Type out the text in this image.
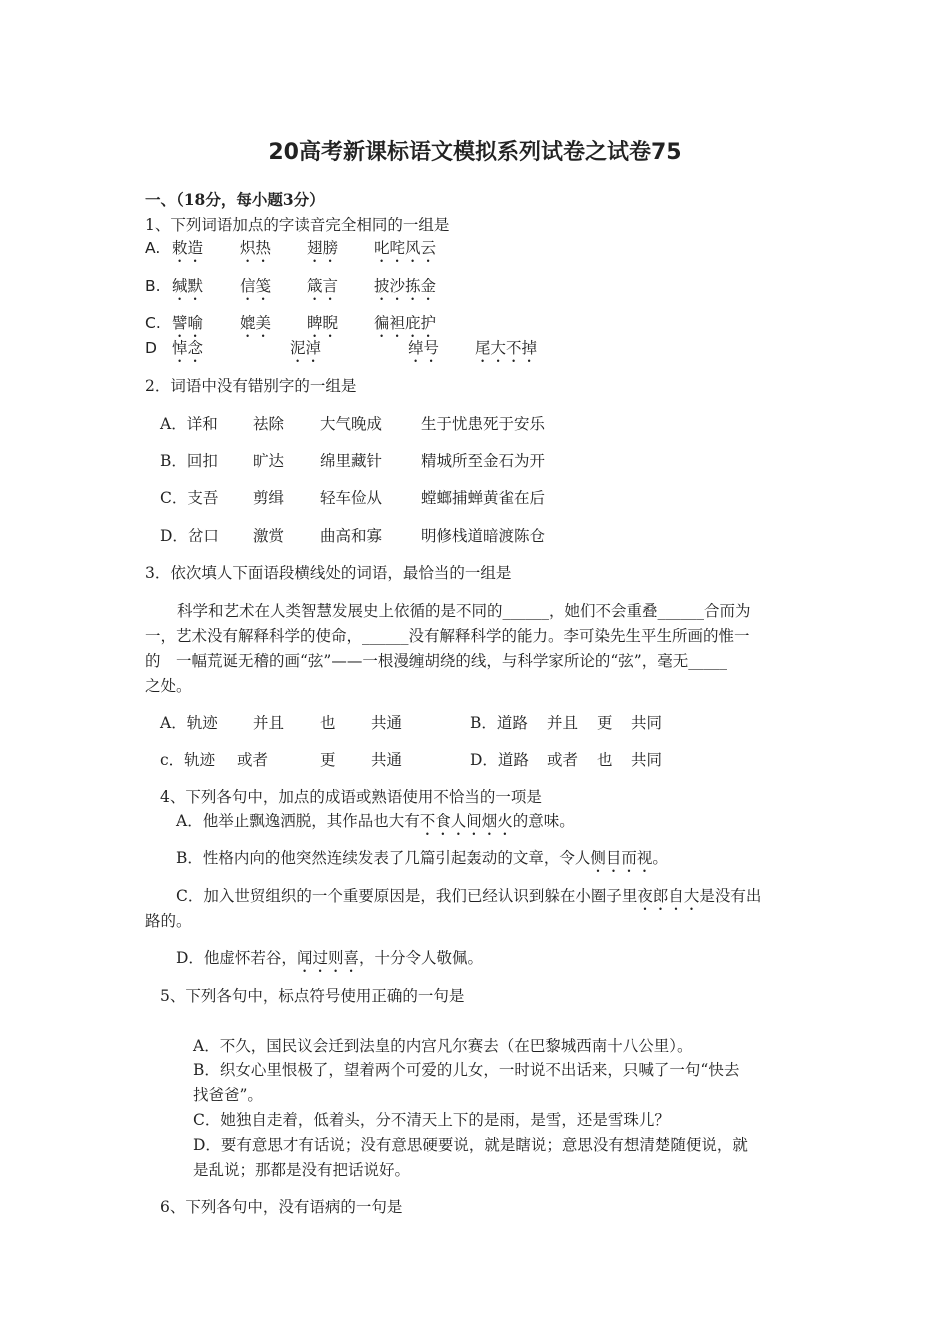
20高考新课标语文模拟系列试卷之试卷75
一、（18分，每小题3分）
1、下列词语加点的字读音完全相同的一组是
A. 敕造 炽热 翅膀 叱咤风云
B. 缄默 信笺 箴言 披沙拣金
C. 譬喻 媲美 睥睨 徧袒庇护
D 悼念	泥淖	绰号 尾大不掉
2．词语中没有错别字的一组是
A．详和 祛除 大气晚成	生于忧患死于安乐
B．回扣 旷达 绵里藏针	精城所至金石为开
C．支吾 剪缉 轻车俭从	螳螂捕蝉黄雀在后
D．岔口 激赏 曲高和寡	明修栈道暗渡陈仓
3．依次填人下面语段横线处的词语，最恰当的一组是
科学和艺术在人类智慧发展史上依循的是不同的______，她们不会重叠______合而为
一，艺术没有解释科学的使命，______没有解释科学的能力。李可染先生平生所画的惟一
的　一幅荒诞无稽的画“弦”——一根漫缠胡绕的线，与科学家所论的“弦”，毫无_____
之处。
A．轨迹 并且 也 共通	B．道路 并且 更 共同
c．轨迹 或者	更 共通	D．道路 或者 也 共同
4、下列各句中，加点的成语或熟语使用不恰当的一项是
A．他举止飘逸洒脱，其作品也大有不食人间烟火的意味。
B．性格内向的他突然连续发表了几篇引起轰动的文章，令人侧目而视。
C．加入世贸组织的一个重要原因是，我们已经认识到躲在小圈子里夜郎自大是没有出
路的。
D．他虚怀若谷，闻过则喜，十分令人敬佩。
5、下列各句中，标点符号使用正确的一句是
A．不久，国民议会迁到法皇的内宫凡尔赛去（在巴黎城西南十八公里）。
B．织女心里恨极了，望着两个可爱的儿女，一时说不出话来，只喊了一句“快去
找爸爸”。
C．她独自走着，低着头，分不清天上下的是雨，是雪，还是雪珠儿？
D．要有意思才有话说；没有意思硬要说，就是瞎说；意思没有想清楚随便说，就
是乱说；那都是没有把话说好。
6、下列各句中，没有语病的一句是
